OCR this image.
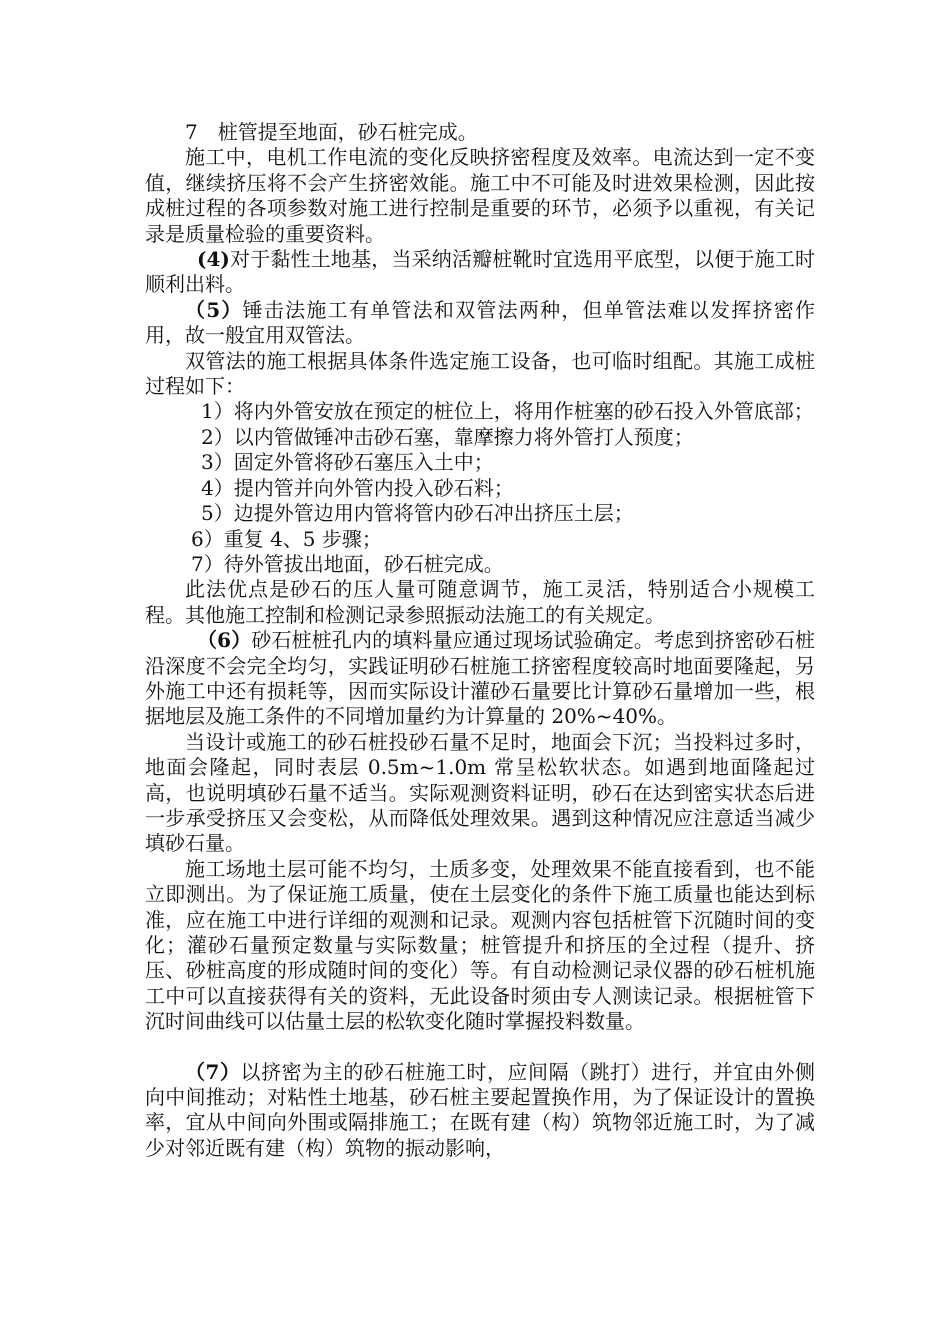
7　桩管提至地面，砂石桩完成。

施工中，电机工作电流的变化反映挤密程度及效率。电流达到一定不变值，继续挤压将不会产生挤密效能。施工中不可能及时进效果检测，因此按成桩过程的各项参数对施工进行控制是重要的环节，必须予以重视，有关记录是质量检验的重要资料。

(4)对于黏性土地基，当采纳活瓣桩靴时宜选用平底型，以便于施工时顺利出料。

（5）锤击法施工有单管法和双管法两种，但单管法难以发挥挤密作用，故一般宜用双管法。

双管法的施工根据具体条件选定施工设备，也可临时组配。其施工成桩过程如下：

1）将内外管安放在预定的桩位上，将用作桩塞的砂石投入外管底部；

2）以内管做锤冲击砂石塞，靠摩擦力将外管打人预度；

3）固定外管将砂石塞压入土中；

4）提内管并向外管内投入砂石料；

5）边提外管边用内管将管内砂石冲出挤压土层；

6）重复 4、5 步骤；

7）待外管拔出地面，砂石桩完成。

此法优点是砂石的压人量可随意调节，施工灵活，特别适合小规模工程。其他施工控制和检测记录参照振动法施工的有关规定。

（6）砂石桩桩孔内的填料量应通过现场试验确定。考虑到挤密砂石桩沿深度不会完全均匀，实践证明砂石桩施工挤密程度较高时地面要隆起，另外施工中还有损耗等，因而实际设计灌砂石量要比计算砂石量增加一些，根据地层及施工条件的不同增加量约为计算量的 20%~40%。

当设计或施工的砂石桩投砂石量不足时，地面会下沉；当投料过多时，地面会隆起，同时表层 0.5m~1.0m 常呈松软状态。如遇到地面隆起过高，也说明填砂石量不适当。实际观测资料证明，砂石在达到密实状态后进一步承受挤压又会变松，从而降低处理效果。遇到这种情况应注意适当减少填砂石量。

施工场地土层可能不均匀，土质多变，处理效果不能直接看到，也不能立即测出。为了保证施工质量，使在土层变化的条件下施工质量也能达到标准，应在施工中进行详细的观测和记录。观测内容包括桩管下沉随时间的变化；灌砂石量预定数量与实际数量；桩管提升和挤压的全过程（提升、挤压、砂桩高度的形成随时间的变化）等。有自动检测记录仪器的砂石桩机施工中可以直接获得有关的资料，无此设备时须由专人测读记录。根据桩管下沉时间曲线可以估量土层的松软变化随时掌握投料数量。

（7）以挤密为主的砂石桩施工时，应间隔（跳打）进行，并宜由外侧向中间推动；对粘性土地基，砂石桩主要起置换作用，为了保证设计的置换率，宜从中间向外围或隔排施工；在既有建（构）筑物邻近施工时，为了减少对邻近既有建（构）筑物的振动影响，
